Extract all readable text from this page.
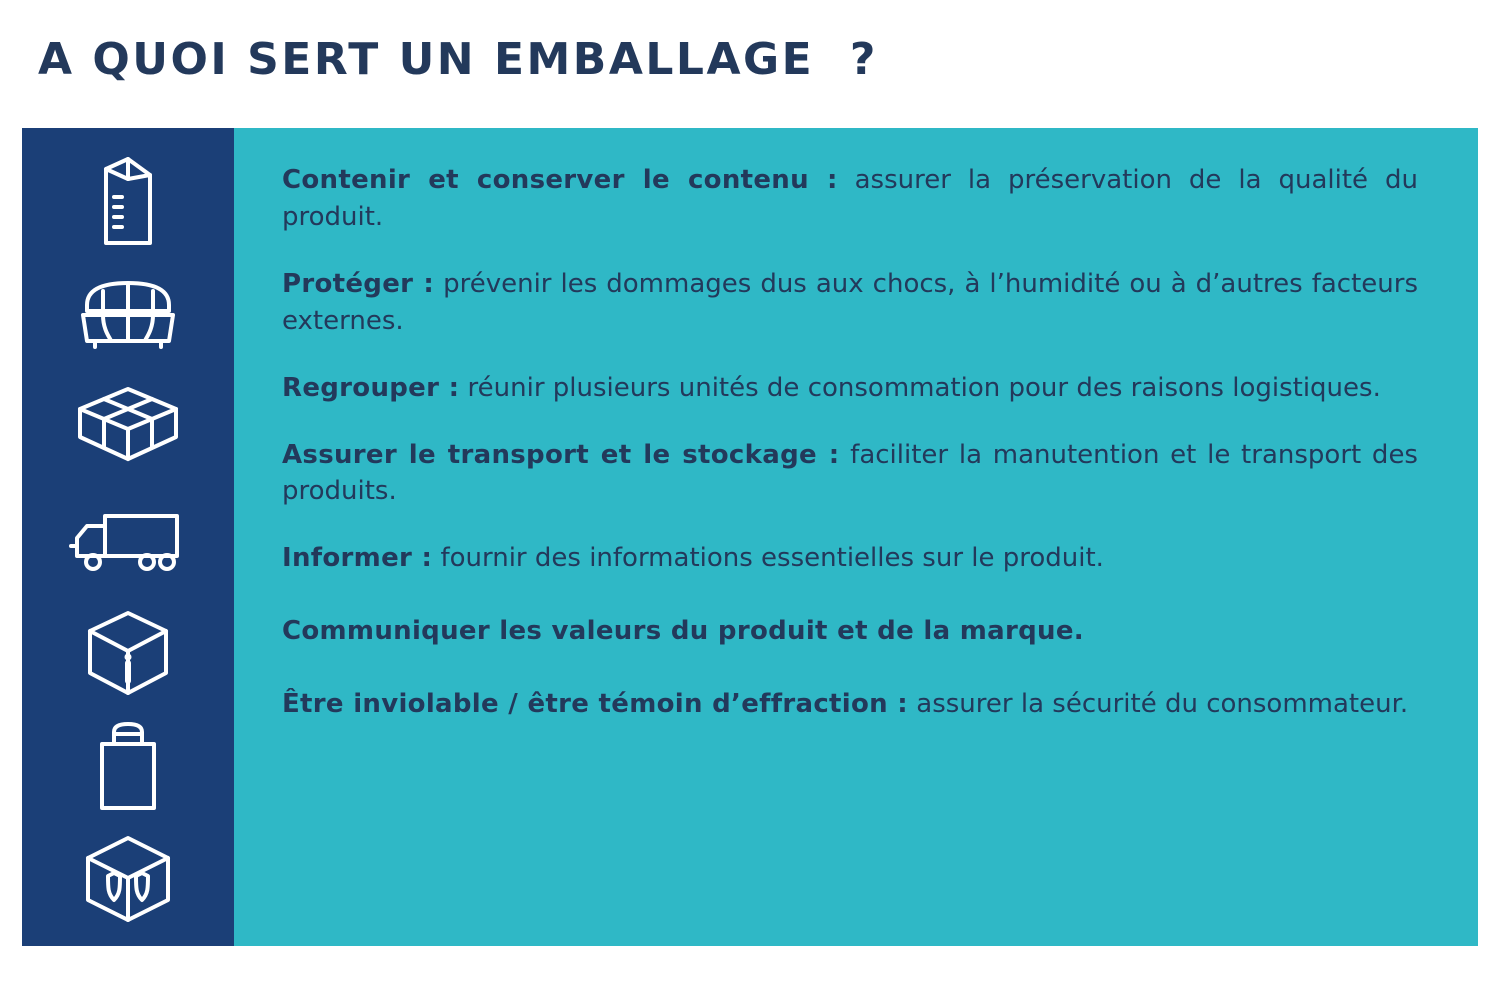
A QUOI SERT UN EMBALLAGE  ?
Contenir et conserver le contenu : assurer la préservation de la qualité du produit.
Protéger : prévenir les dommages dus aux chocs, à l’humidité ou à d’autres facteurs externes.
Regrouper : réunir plusieurs unités de consommation pour des raisons logistiques.
Assurer le transport et le stockage : faciliter la manutention et le transport des produits.
Informer : fournir des informations essentielles sur le produit.
Communiquer les valeurs du produit et de la marque.
Être inviolable / être témoin d’effraction : assurer la sécurité du consommateur.
